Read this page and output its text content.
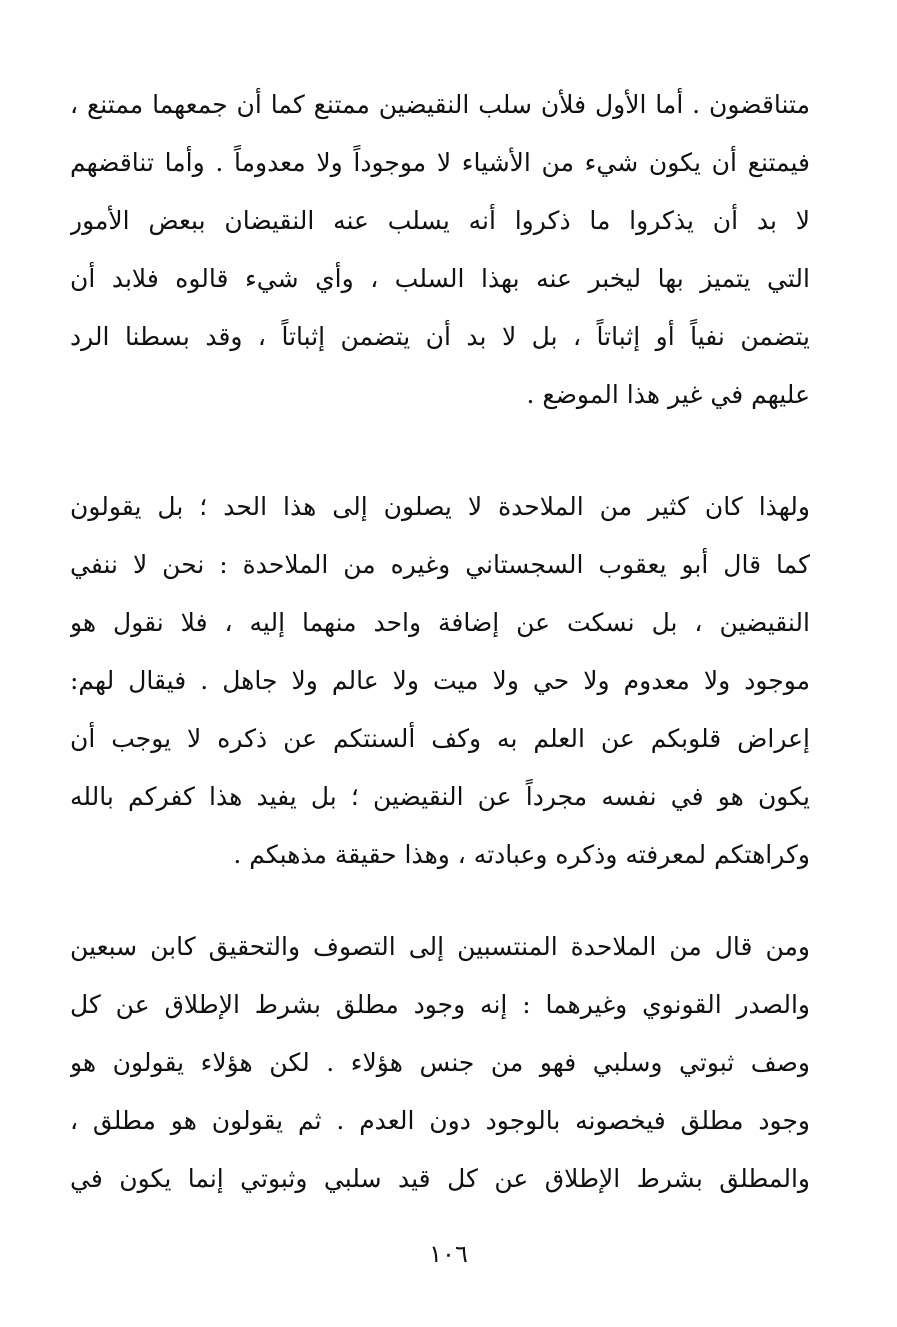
متناقضون . أما الأول فلأن سلب النقيضين ممتنع كما أن جمعهما ممتنع ،
فيمتنع أن يكون شيء من الأشياء لا موجوداً ولا معدوماً . وأما تناقضهم
لا بد أن يذكروا ما ذكروا أنه يسلب عنه النقيضان ببعض الأمور
التي يتميز بها ليخبر عنه بهذا السلب ، وأي شيء قالوه فلابد أن
يتضمن نفياً أو إثباتاً ، بل لا بد أن يتضمن إثباتاً ، وقد بسطنا الرد
عليهم في غير هذا الموضع .
ولهذا كان كثير من الملاحدة لا يصلون إلى هذا الحد ؛ بل يقولون
كما قال أبو يعقوب السجستاني وغيره من الملاحدة : نحن لا ننفي
النقيضين ، بل نسكت عن إضافة واحد منهما إليه ، فلا نقول هو
موجود ولا معدوم ولا حي ولا ميت ولا عالم ولا جاهل . فيقال لهم:
إعراض قلوبكم عن العلم به وكف ألسنتكم عن ذكره لا يوجب أن
يكون هو في نفسه مجرداً عن النقيضين ؛ بل يفيد هذا كفركم بالله
وكراهتكم لمعرفته وذكره وعبادته ، وهذا حقيقة مذهبكم .
ومن قال من الملاحدة المنتسبين إلى التصوف والتحقيق كابن سبعين
والصدر القونوي وغيرهما : إنه وجود مطلق بشرط الإطلاق عن كل
وصف ثبوتي وسلبي فهو من جنس هؤلاء . لكن هؤلاء يقولون هو
وجود مطلق فيخصونه بالوجود دون العدم . ثم يقولون هو مطلق ،
والمطلق بشرط الإطلاق عن كل قيد سلبي وثبوتي إنما يكون في
١٠٦
